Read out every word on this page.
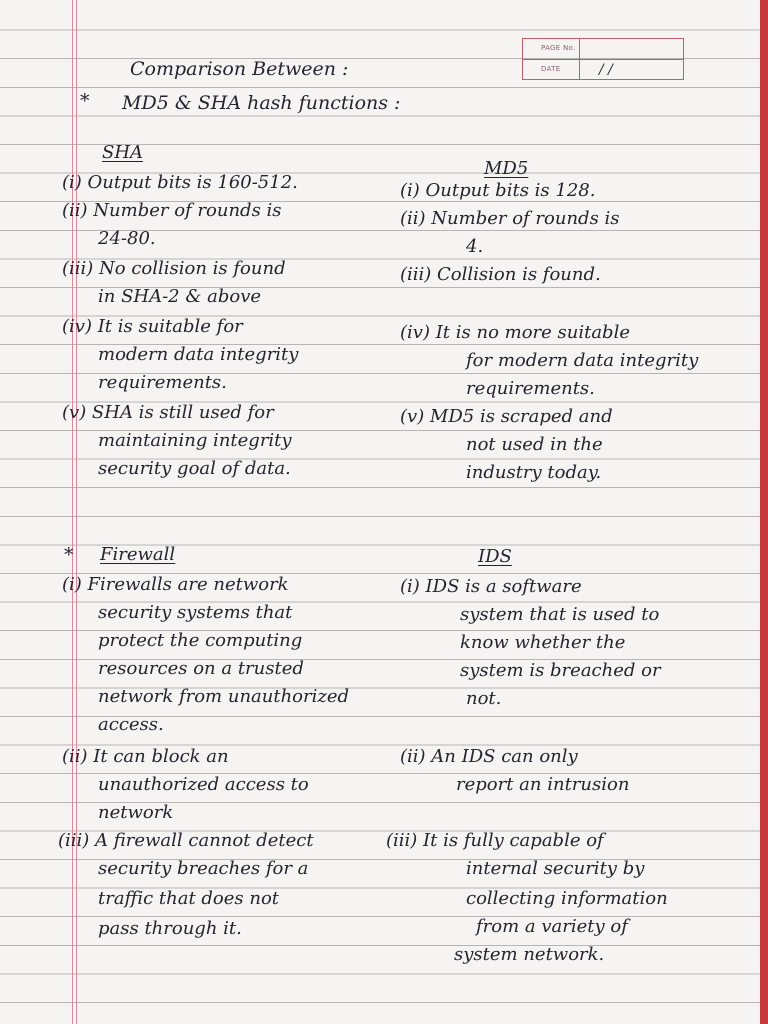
PAGE No.
DATE	/ /
Comparison Between :
* MD5 & SHA hash functions :
SHA
MD5
(i) Output bits is 160-512.
(ii) Number of rounds is
24-80.
(iii) No collision is found
in SHA-2 & above
(iv) It is suitable for
modern data integrity
requirements.
(v) SHA is still used for
maintaining integrity
security goal of data.
(i) Output bits is 128.
(ii) Number of rounds is
4.
(iii) Collision is found.
(iv) It is no more suitable
for modern data integrity
requirements.
(v) MD5 is scraped and
not used in the
industry today.
* Firewall	IDS
(i) Firewalls are network
security systems that
protect the computing
resources on a trusted
network from unauthorized
access.
(ii) It can block an
unauthorized access to
network
(iii) A firewall cannot detect
security breaches for a
traffic that does not
pass through it.
(i) IDS is a software
system that is used to
know whether the
system is breached or
not.
(ii) An IDS can only
report an intrusion
(iii) It is fully capable of
internal security by
collecting information
from a variety of
system network.
